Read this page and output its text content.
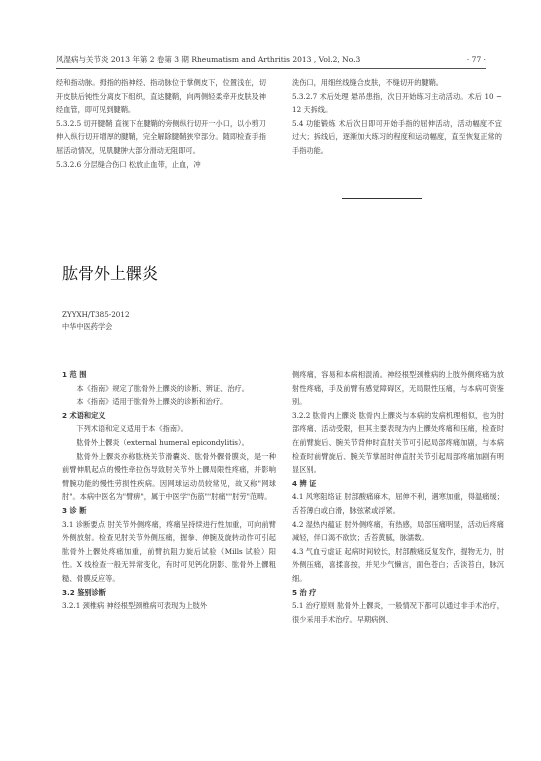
风湿病与关节炎 2013 年第 2 卷第 3 期 Rheumatism and Arthritis 2013 , Vol.2, No.3	· 77 ·

经和指动脉。拇指的指神经、指动脉位于掌侧皮下，位置浅在，切开皮肤后钝性分离皮下组织，直达腱鞘，向两侧轻柔牵开皮肤及神经血管，即可见到腱鞘。

5.3.2.5 切开腱鞘 直视下在腱鞘的旁侧纵行切开一小口，以小剪刀伸入纵行切开增厚的腱鞘，完全解除腱鞘狭窄部分。随即检查手指屈活动情况，见肌腱肿大部分滑动无阻即可。

5.3.2.6 分层缝合伤口 松放止血带，止血，冲

洗伤口，用细丝线缝合皮肤，不缝切开的腱鞘。

5.3.2.7 术后处理 悬吊患指，次日开始练习主动活动。术后 10 ~ 12 天拆线。

5.4 功能锻炼 术后次日即可开始手指的屈伸活动，活动幅度不宜过大；拆线后，逐渐加大练习的程度和运动幅度，直至恢复正常的手指功能。

肱骨外上髁炎
ZYYXH/T385-2012
中华中医药学会
1 范 围

本《指南》规定了肱骨外上髁炎的诊断、辨证、治疗。

本《指南》适用于肱骨外上髁炎的诊断和治疗。

2 术语和定义

下列术语和定义适用于本《指南》。

肱骨外上髁炎（external humeral epicondylitis）。

肱骨外上髁炎亦称肱桡关节滑囊炎、肱骨外髁骨膜炎，是一种前臂伸肌起点的慢性牵拉伤导致肘关节外上髁局限性疼痛，并影响臂腕功能的慢性劳损性疾病。因网球运动员较常见，故又称"网球肘"。本病中医名为"臂痹"，属于中医学"伤筋""肘痛""肘劳"范畴。

3 诊 断

3.1 诊断要点 肘关节外侧疼痛，疼痛呈持续进行性加重，可向前臂外侧放射。检查见肘关节外侧压痛，握拳、伸腕及旋转动作可引起肱骨外上髁处疼痛加重，前臂抗阻力旋后试验（Mills 试验）阳性。X 线检查一般无异常变化，有时可见钙化阴影、肱骨外上髁粗糙、骨膜反应等。

3.2 鉴别诊断

3.2.1 颈椎病 神经根型颈椎病可表现为上肢外

侧疼痛，容易和本病相混淆。神经根型颈椎病的上肢外侧疼痛为放射性疼痛，手及前臂有感觉障碍区，无局限性压痛，与本病可资鉴别。

3.2.2 肱骨内上髁炎 肱骨内上髁炎与本病的发病机理相似，也为肘部疼痛、活动受限，但其主要表现为内上髁处疼痛和压痛，检查时在前臂旋后、腕关节背伸时直肘关节可引起局部疼痛加剧，与本病检查时前臂旋后、腕关节掌屈时伸直肘关节引起局部疼痛加剧有明显区别。

4 辨 证

4.1 风寒阻络证 肘部酸痛麻木，屈伸不利，遇寒加重，得温痛缓；舌苔薄白或白滑，脉弦紧或浮紧。

4.2 湿热内蕴证 肘外侧疼痛，有热感，局部压痛明显，活动后疼痛减轻，伴口渴不欲饮；舌苔黄腻，脉濡数。

4.3 气血亏虚证 起病时间较长，肘部酸痛反复发作，提物无力，肘外侧压痛，喜揉喜按，并见少气懒言，面色苍白；舌淡苔白，脉沉细。

5 治 疗

5.1 治疗原则 肱骨外上髁炎，一般情况下都可以通过非手术治疗，很少采用手术治疗。早期病例、
